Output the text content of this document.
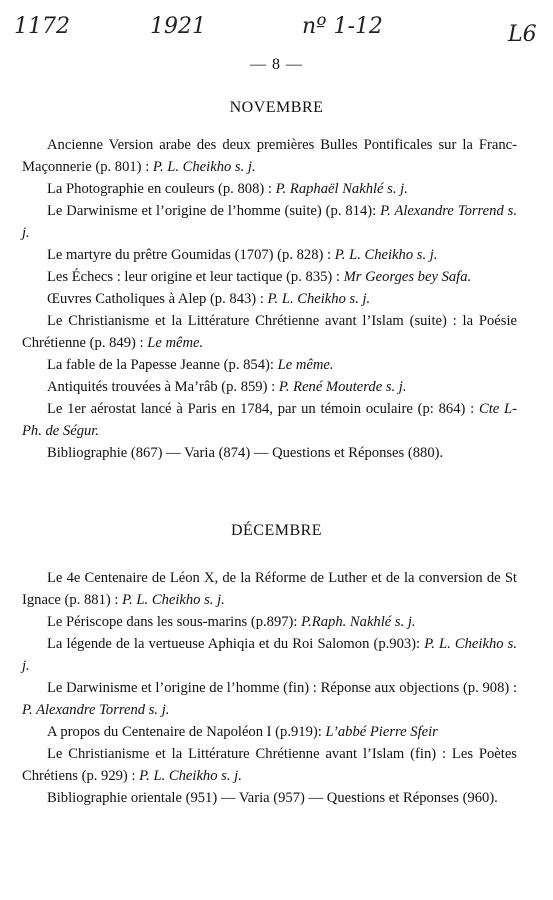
1172	1921	nº 1-12	L6
— 8 —
NOVEMBRE
Ancienne Version arabe des deux premières Bulles Pontificales sur la Franc-Maçonnerie (p. 801) : P. L. Cheikho s. j.
La Photographie en couleurs (p. 808) : P. Raphaël Nakhlé s. j.
Le Darwinisme et l’origine de l’homme (suite) (p. 814): P. Alexandre Torrend s. j.
Le martyre du prêtre Goumidas (1707) (p. 828) : P. L. Cheikho s. j.
Les Échecs : leur origine et leur tactique (p. 835) : Mr Georges bey Safa.
Œuvres Catholiques à Alep (p. 843) : P. L. Cheikho s. j.
Le Christianisme et la Littérature Chrétienne avant l’Islam (suite) : la Poésie Chrétienne (p. 849) : Le même.
La fable de la Papesse Jeanne (p. 854): Le même.
Antiquités trouvées à Ma’râb (p. 859) : P. René Mouterde s. j.
Le 1er aérostat lancé à Paris en 1784, par un témoin oculaire (p: 864) : Cte L-Ph. de Ségur.
Bibliographie (867) — Varia (874) — Questions et Réponses (880).
DÉCEMBRE
Le 4e Centenaire de Léon X, de la Réforme de Luther et de la conversion de St Ignace (p. 881) : P. L. Cheikho s. j.
Le Périscope dans les sous-marins (p.897): P.Raph. Nakhlé s. j.
La légende de la vertueuse Aphiqia et du Roi Salomon (p.903): P. L. Cheikho s. j.
Le Darwinisme et l’origine de l’homme (fin) : Réponse aux objections (p. 908) : P. Alexandre Torrend s. j.
A propos du Centenaire de Napoléon I (p.919): L’abbé Pierre Sfeir
Le Christianisme et la Littérature Chrétienne avant l’Islam (fin) : Les Poètes Chrétiens (p. 929) : P. L. Cheikho s. j.
Bibliographie orientale (951) — Varia (957) — Questions et Réponses (960).
